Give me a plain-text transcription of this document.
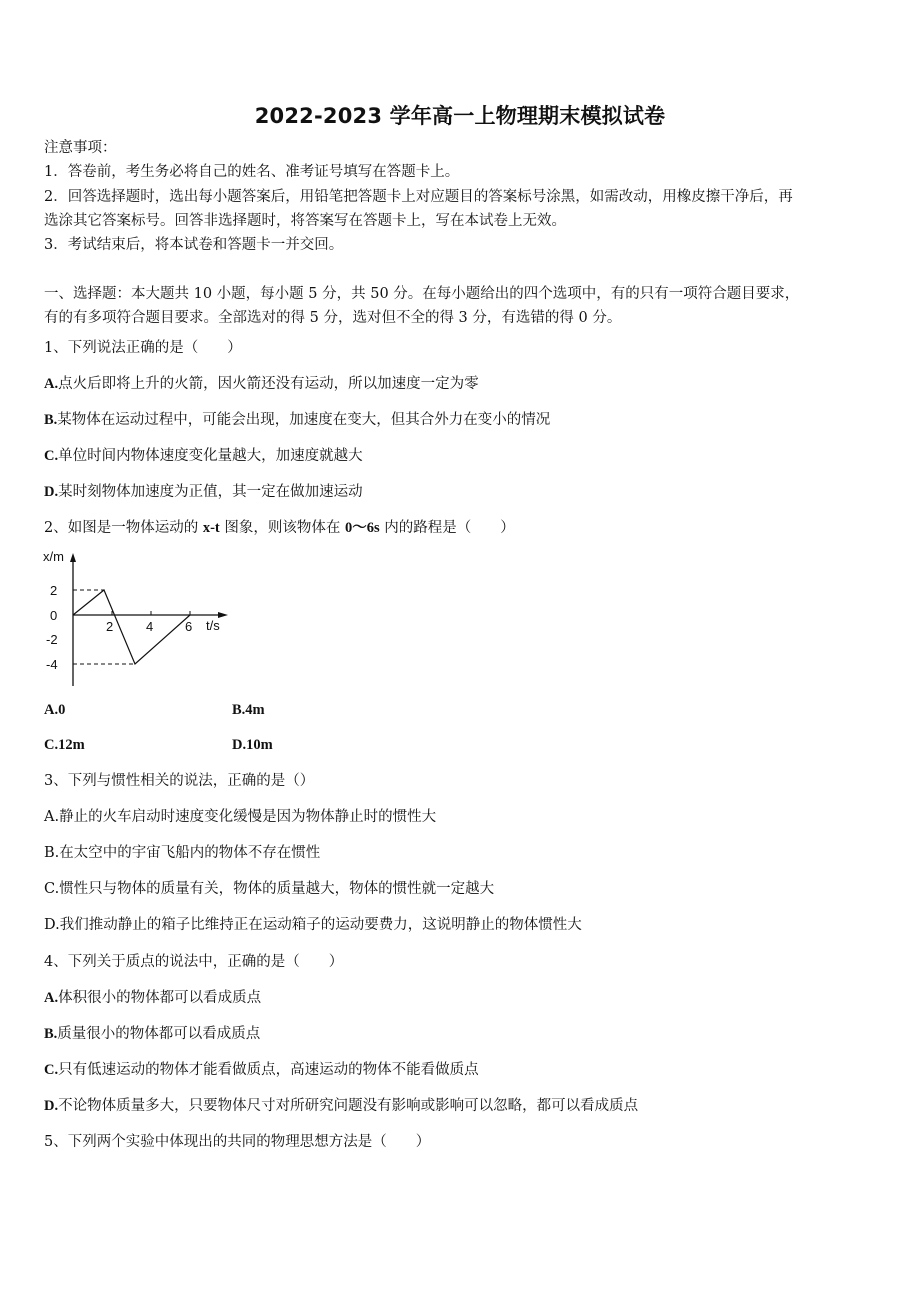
2022-2023 学年高一上物理期末模拟试卷
注意事项：
1．答卷前，考生务必将自己的姓名、准考证号填写在答题卡上。
2．回答选择题时，选出每小题答案后，用铅笔把答题卡上对应题目的答案标号涂黑，如需改动，用橡皮擦干净后，再
选涂其它答案标号。回答非选择题时，将答案写在答题卡上，写在本试卷上无效。
3．考试结束后，将本试卷和答题卡一并交回。
一、选择题：本大题共 10 小题，每小题 5 分，共 50 分。在每小题给出的四个选项中，有的只有一项符合题目要求，
有的有多项符合题目要求。全部选对的得 5 分，选对但不全的得 3 分，有选错的得 0 分。
1、下列说法正确的是（　　）
A.点火后即将上升的火箭，因火箭还没有运动，所以加速度一定为零
B.某物体在运动过程中，可能会出现，加速度在变大，但其合外力在变小的情况
C.单位时间内物体速度变化量越大，加速度就越大
D.某时刻物体加速度为正值，其一定在做加速运动
2、如图是一物体运动的 x-t 图象，则该物体在 0～6s 内的路程是（　　）
x/m
2
0
-2
-4
2	4 6 t/s
A.0	B.4m
C.12m	D.10m
3、下列与惯性相关的说法，正确的是（）
A.静止的火车启动时速度变化缓慢是因为物体静止时的惯性大
B.在太空中的宇宙飞船内的物体不存在惯性
C.惯性只与物体的质量有关，物体的质量越大，物体的惯性就一定越大
D.我们推动静止的箱子比维持正在运动箱子的运动要费力，这说明静止的物体惯性大
4、下列关于质点的说法中，正确的是（　　）
A.体积很小的物体都可以看成质点
B.质量很小的物体都可以看成质点
C.只有低速运动的物体才能看做质点，高速运动的物体不能看做质点
D.不论物体质量多大，只要物体尺寸对所研究问题没有影响或影响可以忽略，都可以看成质点
5、下列两个实验中体现出的共同的物理思想方法是（　　）
